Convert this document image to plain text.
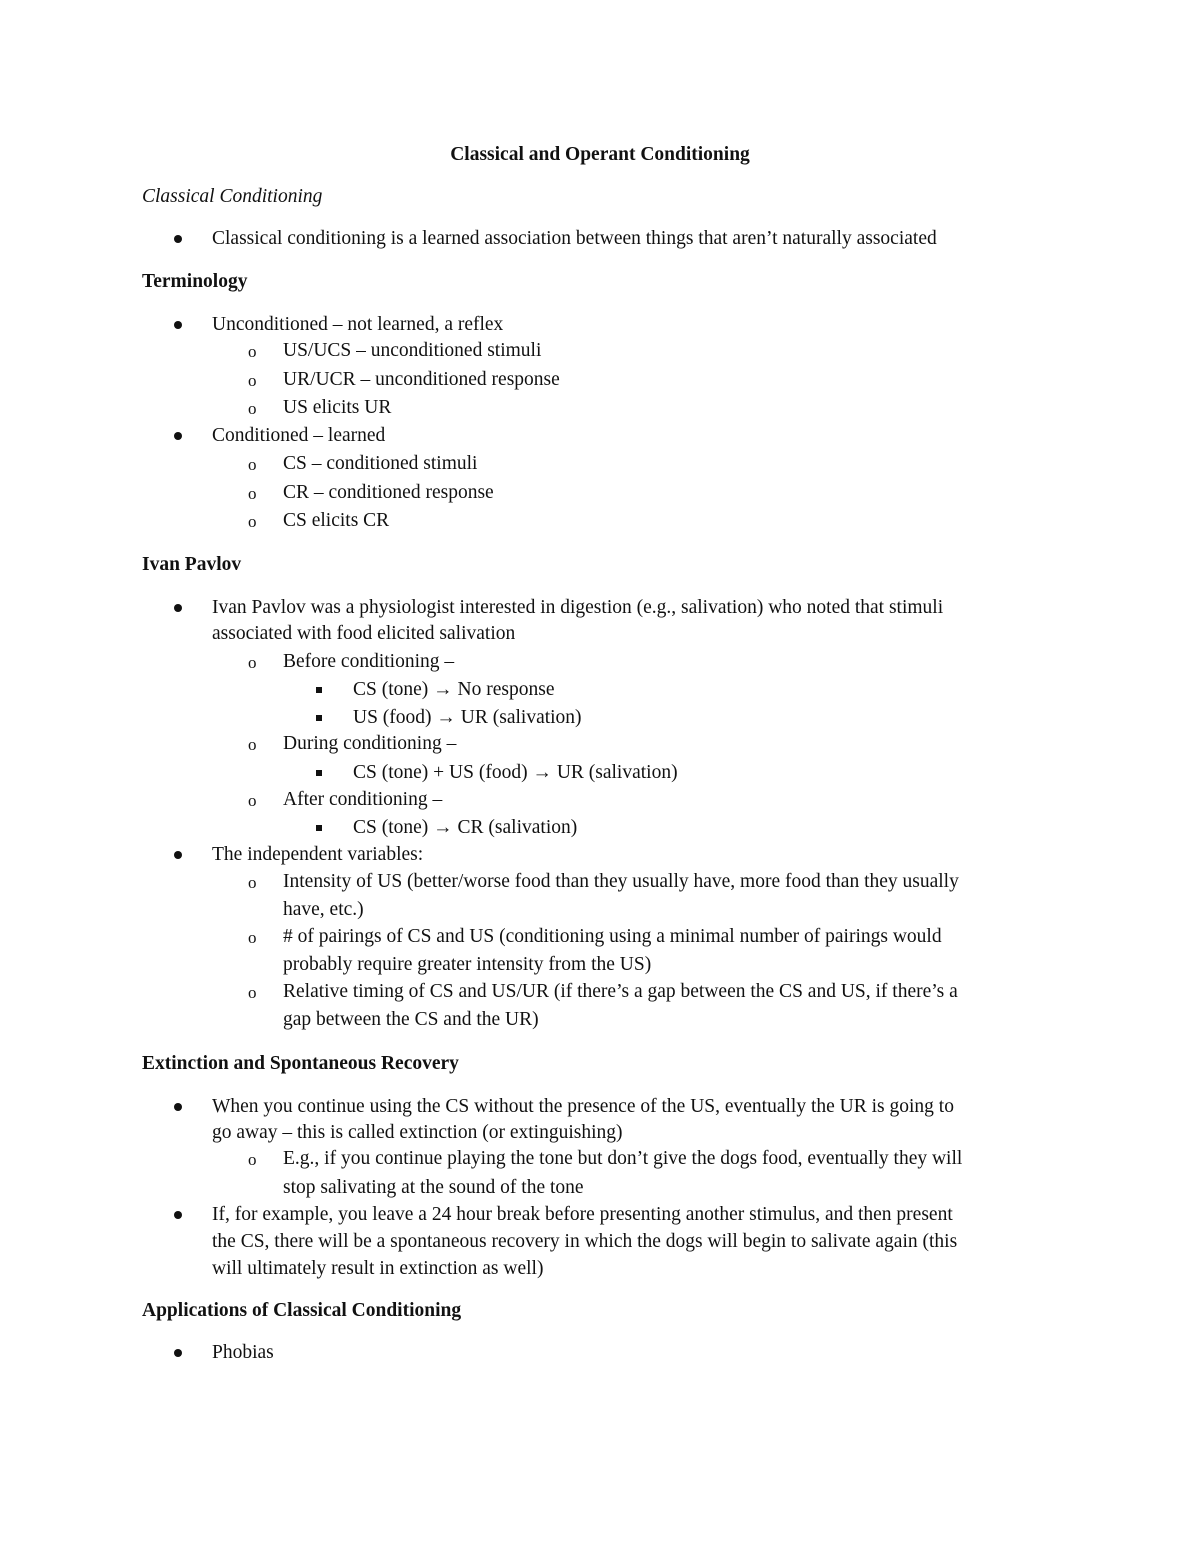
Classical and Operant Conditioning
Classical Conditioning
Classical conditioning is a learned association between things that aren’t naturally associated
Terminology
Unconditioned – not learned, a reflex
o US/UCS – unconditioned stimuli
o UR/UCR – unconditioned response
o US elicits UR
Conditioned – learned
o CS – conditioned stimuli
o CR – conditioned response
o CS elicits CR
Ivan Pavlov
Ivan Pavlov was a physiologist interested in digestion (e.g., salivation) who noted that stimuli
associated with food elicited salivation
o Before conditioning –
CS (tone) → No response
US (food) → UR (salivation)
o During conditioning –
CS (tone) + US (food) → UR (salivation)
o After conditioning –
CS (tone) → CR (salivation)
The independent variables:
o Intensity of US (better/worse food than they usually have, more food than they usually
have, etc.)
o # of pairings of CS and US (conditioning using a minimal number of pairings would
probably require greater intensity from the US)
o Relative timing of CS and US/UR (if there’s a gap between the CS and US, if there’s a
gap between the CS and the UR)
Extinction and Spontaneous Recovery
When you continue using the CS without the presence of the US, eventually the UR is going to
go away – this is called extinction (or extinguishing)
o E.g., if you continue playing the tone but don’t give the dogs food, eventually they will
stop salivating at the sound of the tone
If, for example, you leave a 24 hour break before presenting another stimulus, and then present
the CS, there will be a spontaneous recovery in which the dogs will begin to salivate again (this
will ultimately result in extinction as well)
Applications of Classical Conditioning
Phobias
